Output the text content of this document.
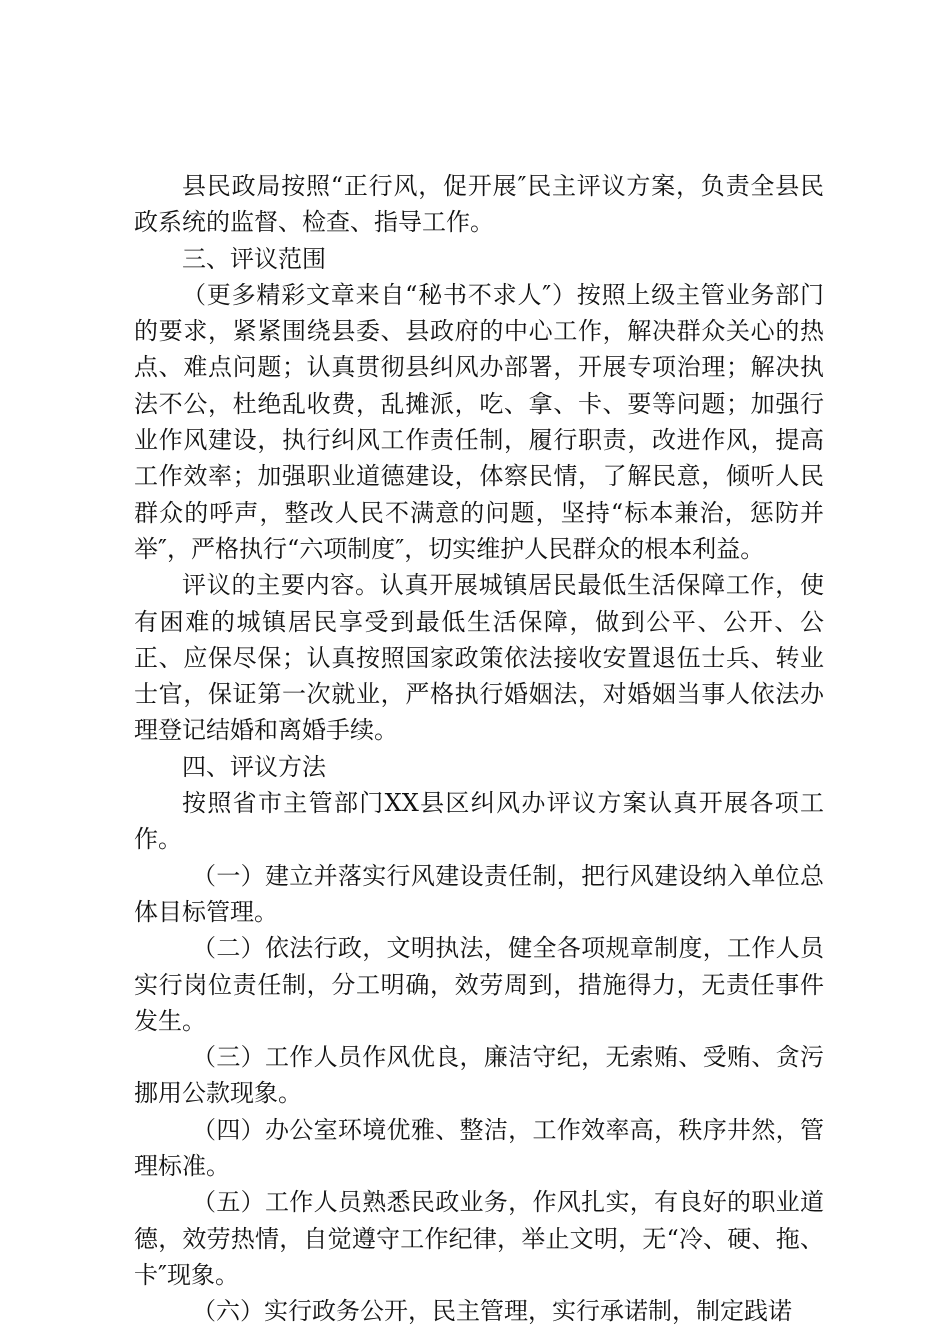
县民政局按照“正行风，促开展″民主评议方案，负责全县民政系统的监督、检查、指导工作。

三、评议范围

（更多精彩文章来自“秘书不求人″）按照上级主管业务部门的要求，紧紧围绕县委、县政府的中心工作，解决群众关心的热点、难点问题；认真贯彻县纠风办部署，开展专项治理；解决执法不公，杜绝乱收费，乱摊派，吃、拿、卡、要等问题；加强行业作风建设，执行纠风工作责任制，履行职责，改进作风，提高工作效率；加强职业道德建设，体察民情，了解民意，倾听人民群众的呼声，整改人民不满意的问题，坚持“标本兼治，惩防并举″，严格执行“六项制度″，切实维护人民群众的根本利益。

评议的主要内容。认真开展城镇居民最低生活保障工作，使有困难的城镇居民享受到最低生活保障，做到公平、公开、公正、应保尽保；认真按照国家政策依法接收安置退伍士兵、转业士官，保证第一次就业，严格执行婚姻法，对婚姻当事人依法办理登记结婚和离婚手续。

四、评议方法

按照省市主管部门XX县区纠风办评议方案认真开展各项工作。

（一）建立并落实行风建设责任制，把行风建设纳入单位总体目标管理。

（二）依法行政，文明执法，健全各项规章制度，工作人员实行岗位责任制，分工明确，效劳周到，措施得力，无责任事件发生。

（三）工作人员作风优良，廉洁守纪，无索贿、受贿、贪污挪用公款现象。

（四）办公室环境优雅、整洁，工作效率高，秩序井然，管理标准。

（五）工作人员熟悉民政业务，作风扎实，有良好的职业道德，效劳热情，自觉遵守工作纪律，举止文明，无“冷、硬、拖、卡″现象。

（六）实行政务公开，民主管理，实行承诺制，制定践诺
